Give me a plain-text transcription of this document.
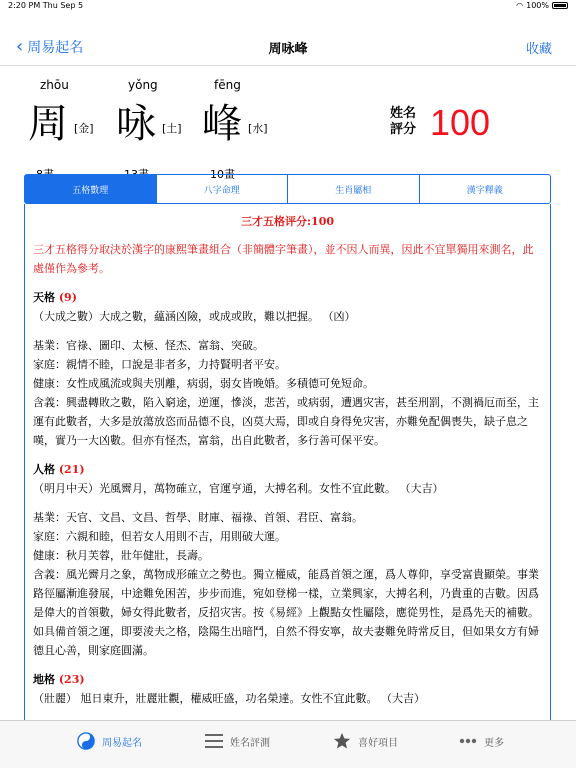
2:20 PM Thu Sep 5	◠ 100%
‹ 周易起名	周咏峰	收藏
zhōu
周 [金]
yǒng
咏 [土]
fēng
峰 [水]
10畫
姓名評分 100
五格數理	八字命理	生肖屬相	漢字釋義
三才五格评分:100
三才五格得分取決於漢字的康熙筆畫組合（非簡體字筆畫），並不因人而異，因此不宜單獨用來測名，此處僅作為參考。
天格 (9)
（大成之數）大成之數，蘊涵凶險，或成或敗，難以把握。 （凶）
基業：官祿、圖印、太極、怪杰、富翁、突破。
家庭：親情不睦，口說是非者多，力持賢明者平安。
健康：女性成風流或與夫別離，病弱，弱女皆晚婚。多積德可免短命。
含義：興盡轉敗之數，陷入窮途，逆運，慘淡，悲苦，或病弱，遭遇灾害，甚至刑罰，不測禍厄而至，主運有此數者，大多是放蕩放恣而品德不良，凶莫大焉，即或自身得免灾害，亦難免配偶喪失，缺子息之嘆，實乃一大凶數。但亦有怪杰，富翁，出自此數者，多行善可保平安。
人格 (21)
（明月中天）光風霽月，萬物確立，官運亨通，大搏名利。女性不宜此數。 （大吉）
基業：天官、文昌、文昌、哲學、財庫、福祿、首領、君臣、富翁。
家庭：六親和睦，但若女人用則不吉，用則破大運。
健康：秋月芙蓉，壯年健壯，長壽。
含義：風光霽月之象，萬物成形確立之勢也。獨立權威，能爲首領之運，爲人尊仰，享受富貴顯榮。事業路徑屬漸進發展，中途難免困苦，步步而進，宛如登梯一樣，立業興家，大搏名利，乃貴重的吉數。因爲是偉大的首領數，婦女得此數者，反招灾害。按《易經》上觀點女性屬陰，應從男性，是爲先天的補數。如具備首領之運，即要淩夫之格，陰陽生出暗鬥，自然不得安寧，故夫妻難免時常反目，但如果女方有婦德且心善，則家庭圓滿。
地格 (23)
（壯麗） 旭日東升，壯麗壯觀，權威旺盛，功名榮達。女性不宜此數。 （大吉）
周易起名	姓名評測	喜好項目	更多
